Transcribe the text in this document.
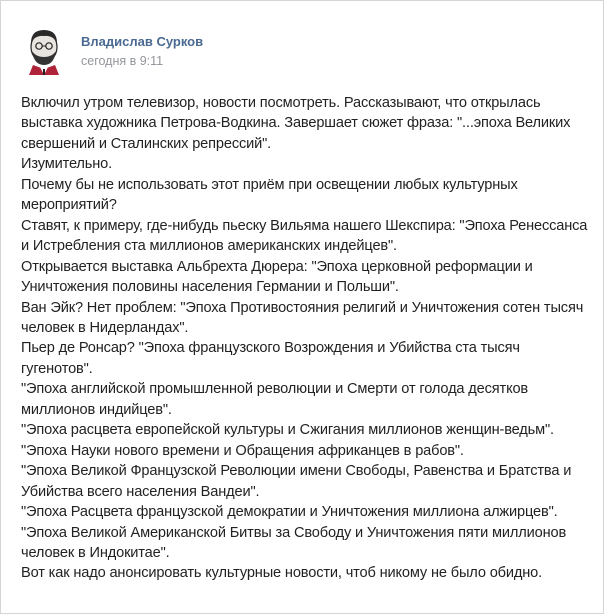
Владислав Сурков
сегодня в 9:11
Включил утром телевизор, новости посмотреть. Рассказывают, что открылась
выставка художника Петрова-Водкина. Завершает сюжет фраза: "...эпоха Великих
свершений и Сталинских репрессий".
Изумительно.
Почему бы не использовать этот приём при освещении любых культурных
мероприятий?
Ставят, к примеру, где-нибудь пьеску Вильяма нашего Шекспира: "Эпоха Ренессанса
и Истребления ста миллионов американских индейцев".
Открывается выставка Альбрехта Дюрера: "Эпоха церковной реформации и
Уничтожения половины населения Германии и Польши".
Ван Эйк? Нет проблем: "Эпоха Противостояния религий и Уничтожения сотен тысяч
человек в Нидерландах".
Пьер де Ронсар? "Эпоха французского Возрождения и Убийства ста тысяч
гугенотов".
"Эпоха английской промышленной революции и Смерти от голода десятков
миллионов индийцев".
"Эпоха расцвета европейской культуры и Сжигания миллионов женщин-ведьм".
"Эпоха Науки нового времени и Обращения африканцев в рабов".
"Эпоха Великой Французской Революции имени Свободы, Равенства и Братства и
Убийства всего населения Вандеи".
"Эпоха Расцвета французской демократии и Уничтожения миллиона алжирцев".
"Эпоха Великой Американской Битвы за Свободу и Уничтожения пяти миллионов
человек в Индокитае".
Вот как надо анонсировать культурные новости, чтоб никому не было обидно.
